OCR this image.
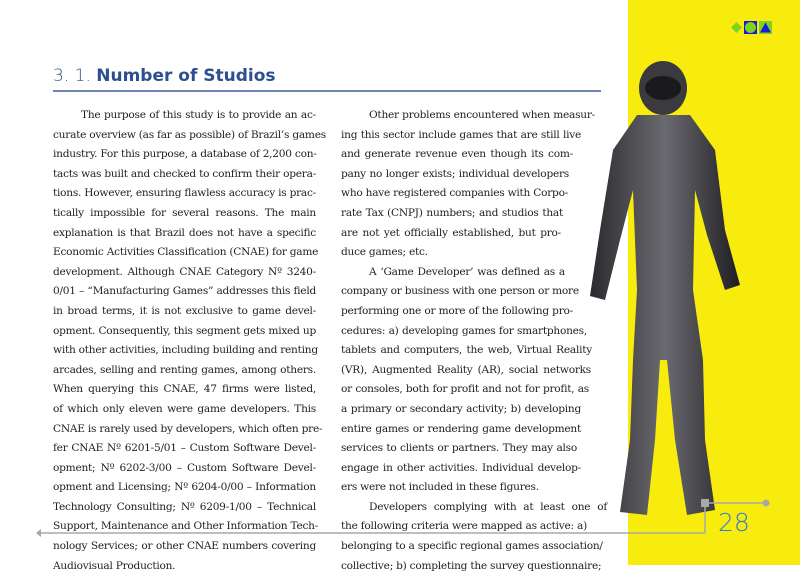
3. 1. Number of Studios
The purpose of this study is to provide an ac-
curate overview (as far as possible) of Brazil’s games
industry. For this purpose, a database of 2,200 con-
tacts was built and checked to confirm their opera-
tions. However, ensuring flawless accuracy is prac-
tically impossible for several reasons. The main
explanation is that Brazil does not have a specific
Economic Activities Classification (CNAE) for game
development. Although CNAE Category Nº 3240-
0/01 – “Manufacturing Games” addresses this field
in broad terms, it is not exclusive to game devel-
opment. Consequently, this segment gets mixed up
with other activities, including building and renting
arcades, selling and renting games, among others.
When querying this CNAE, 47 firms were listed,
of which only eleven were game developers. This
CNAE is rarely used by developers, which often pre-
fer CNAE Nº 6201-5/01 – Custom Software Devel-
opment; Nº 6202-3/00 – Custom Software Devel-
opment and Licensing; Nº 6204-0/00 – Information
Technology Consulting; Nº 6209-1/00 – Technical
Support, Maintenance and Other Information Tech-
nology Services; or other CNAE numbers covering
Audiovisual Production.
Other problems encountered when measur-
ing this sector include games that are still live
and generate revenue even though its com-
pany no longer exists; individual developers
who have registered companies with Corpo-
rate Tax (CNPJ) numbers; and studios that
are not yet officially established, but pro-
duce games; etc.
A ‘Game Developer’ was defined as a
company or business with one person or more
performing one or more of the following pro-
cedures: a) developing games for smartphones,
tablets and computers, the web, Virtual Reality
(VR), Augmented Reality (AR), social networks
or consoles, both for profit and not for profit, as
a primary or secondary activity; b) developing
entire games or rendering game development
services to clients or partners. They may also
engage in other activities. Individual develop-
ers were not included in these figures.
Developers complying with at least one of
the following criteria were mapped as active: a)
belonging to a specific regional games association/
collective; b) completing the survey questionnaire;
28
